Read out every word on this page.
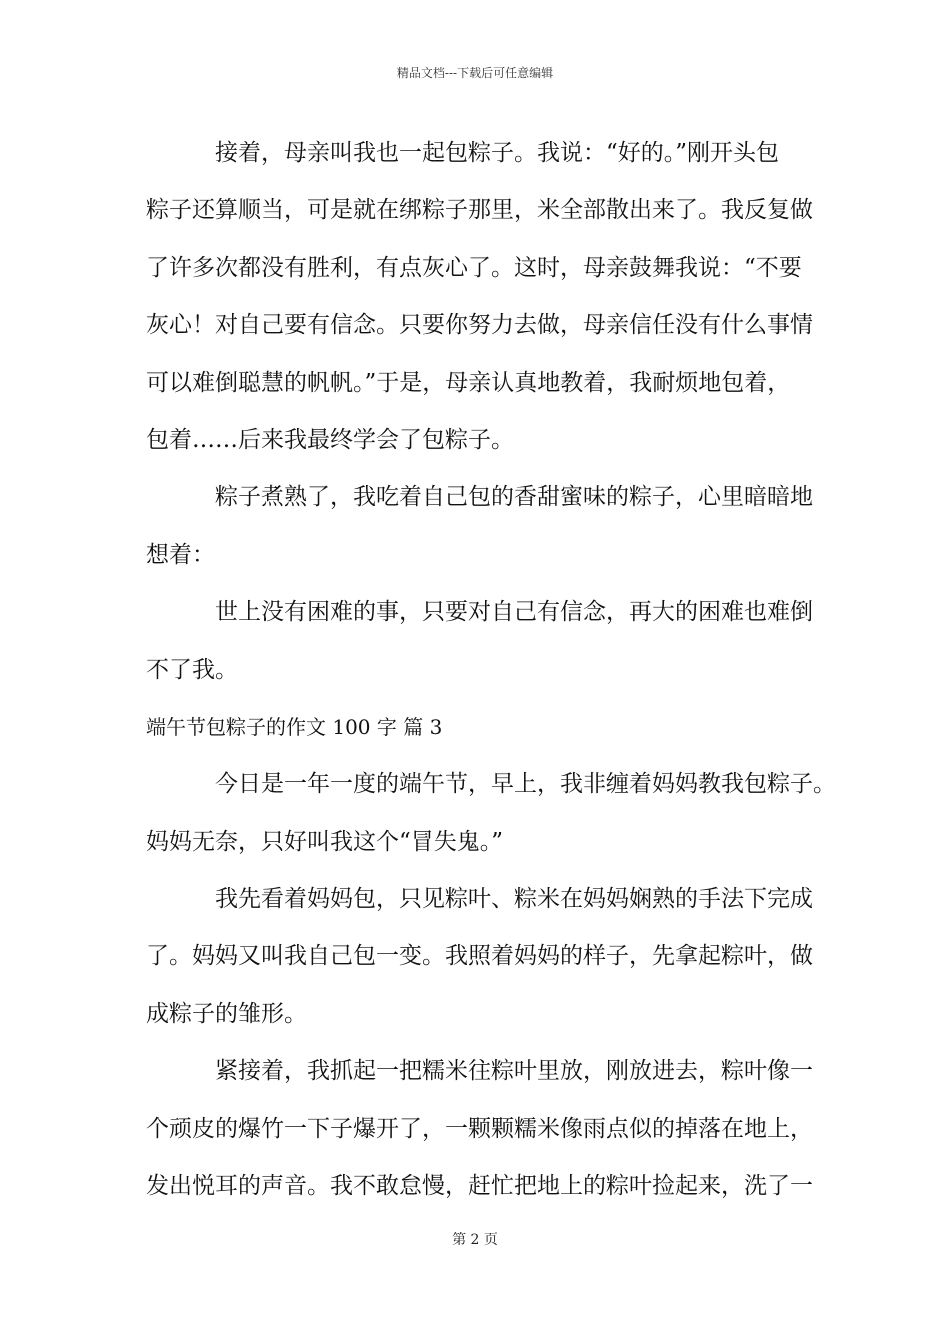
精品文档---下载后可任意编辑
接着，母亲叫我也一起包粽子。我说：“好的。”刚开头包
粽子还算顺当，可是就在绑粽子那里，米全部散出来了。我反复做
了许多次都没有胜利，有点灰心了。这时，母亲鼓舞我说：“不要
灰心！对自己要有信念。只要你努力去做，母亲信任没有什么事情
可以难倒聪慧的帆帆。”于是，母亲认真地教着，我耐烦地包着，
包着……后来我最终学会了包粽子。
粽子煮熟了，我吃着自己包的香甜蜜味的粽子，心里暗暗地
想着：
世上没有困难的事，只要对自己有信念，再大的困难也难倒
不了我。
端午节包粽子的作文 100 字 篇 3
今日是一年一度的端午节，早上，我非缠着妈妈教我包粽子。
妈妈无奈，只好叫我这个“冒失鬼。”
我先看着妈妈包，只见粽叶、粽米在妈妈娴熟的手法下完成
了。妈妈又叫我自己包一变。我照着妈妈的样子，先拿起粽叶，做
成粽子的雏形。
紧接着，我抓起一把糯米往粽叶里放，刚放进去，粽叶像一
个顽皮的爆竹一下子爆开了，一颗颗糯米像雨点似的掉落在地上，
发出悦耳的声音。我不敢怠慢，赶忙把地上的粽叶捡起来，洗了一
第 2 页
